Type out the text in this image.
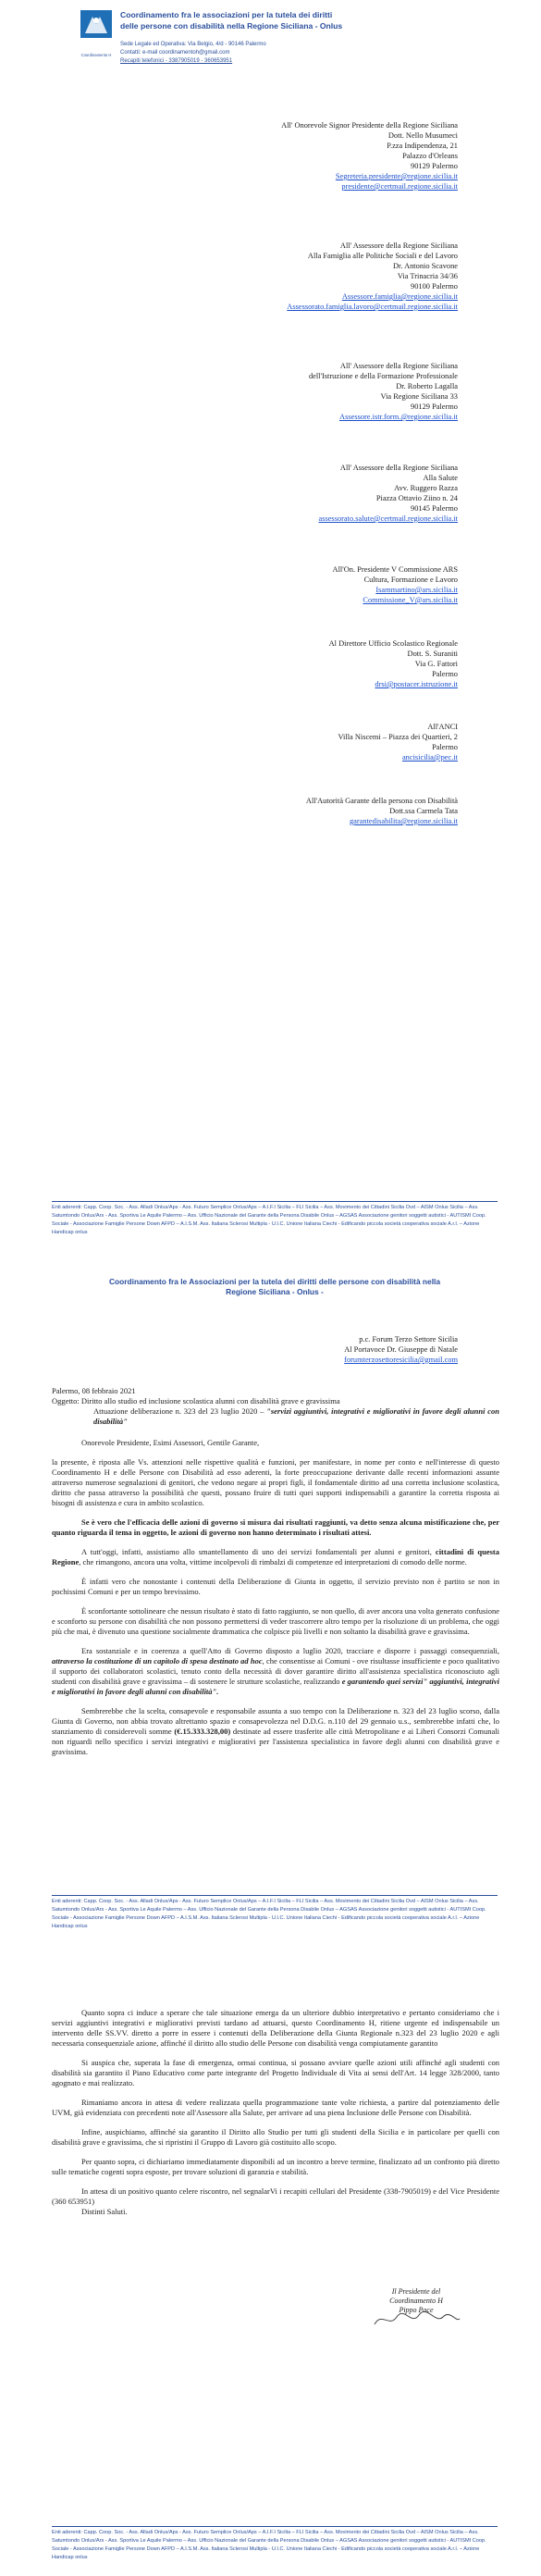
Coordinamento H
Coordinamento fra le associazioni per la tutela dei diritti
delle persone con disabilità nella Regione Siciliana - Onlus
Sede Legale ed Operativa: Via Belgio, 4/d - 90146 Palermo
Contatti: e-mail coordinamentoh@gmail.com
Recapiti telefonici - 3387905019 - 360653951
All' Onorevole Signor Presidente della Regione Siciliana
Dott. Nello Musumeci
P.zza Indipendenza, 21
Palazzo d'Orleans
90129 Palermo
Segreteria.presidente@regione.sicilia.it
presidente@certmail.regione.sicilia.it
All' Assessore della Regione Siciliana
Alla Famiglia alle Politiche Sociali e del Lavoro
Dr. Antonio Scavone
Via Trinacria 34/36
90100 Palermo
Assessore.famiglia@regione.sicilia.it
Assessorato.famiglia.lavoro@certmail.regione.sicilia.it
All' Assessore della Regione Siciliana
dell'Istruzione e della Formazione Professionale
Dr. Roberto Lagalla
Via Regione Siciliana 33
90129 Palermo
Assessore.istr.form.@regione.sicilia.it
All' Assessore della Regione Siciliana
Alla Salute
Avv. Ruggero Razza
Piazza Ottavio Ziino n. 24
90145 Palermo
assessorato.salute@certmail.regione.sicilia.it
All'On. Presidente V Commissione ARS
Cultura, Formazione e Lavoro
Isammartino@ars.sicilia.it
Commissione_V@ars.sicilia.it
Al Direttore Ufficio Scolastico Regionale
Dott. S. Suraniti
Via G. Fattori
Palermo
drsi@postacer.istruzione.it
All'ANCI
Villa Niscemi – Piazza dei Quartieri, 2
Palermo
ancisicilia@pec.it
All'Autorità Garante della persona con Disabilità
Dott.ssa Carmela Tata
garantedisabilita@regione.sicilia.it
Enti aderenti: Capp. Coop. Soc. - Ass. Alladi Onlus/Aps - Ass. Futuro Semplice Onlus/Aps – A.I.F.I Sicilia – FLI Sicilia – Ass. Movimento dei Cittadini Sicilia Ovd – AISM Onlus Sicilia – Ass. Satumtondo Onlus/Ars - Ass. Sportiva Le Aquile Palermo – Ass. Ufficio Nazionale del Garante della Persona Disabile Onlus – AGSAS Associazione genitori soggetti autistici - AUTISMI Coop. Sociale - Associazione Famiglie Persone Down AFPD – A.I.S.M. Ass. Italiana Sclerosi Multipla - U.I.C. Unione Italiana Ciechi - Edificando piccola società cooperativa sociale A.r.l. – Azione Handicap onlus
Coordinamento fra le Associazioni per la tutela dei diritti delle persone con disabilità nella
Regione Siciliana - Onlus -
p.c. Forum Terzo Settore Sicilia
Al Portavoce Dr. Giuseppe di Natale
forumterzosettoresicilia@gmail.com

Palermo, 08 febbraio 2021

Oggetto: Diritto allo studio ed inclusione scolastica alunni con disabilità grave e gravissima

Attuazione deliberazione n. 323 del 23 luglio 2020 – "servizi aggiuntivi, integrativi e migliorativi in favore degli alunni con disabilità"

Onorevole Presidente, Esimi Assessori, Gentile Garante,

la presente, è riposta alle Vs. attenzioni nelle rispettive qualità e funzioni, per manifestare, in nome per conto e nell'interesse di questo Coordinamento H e delle Persone con Disabilità ad esso aderenti, la forte preoccupazione derivante dalle recenti informazioni assunte attraverso numerose segnalazioni di genitori, che vedono negare ai propri figli, il fondamentale diritto ad una corretta inclusione scolastica, diritto che passa attraverso la possibilità che questi, possano fruire di tutti quei supporti indispensabili a garantire la corretta risposta ai bisogni di assistenza e cura in ambito scolastico.

Se è vero che l'efficacia delle azioni di governo si misura dai risultati raggiunti, va detto senza alcuna mistificazione che, per quanto riguarda il tema in oggetto, le azioni di governo non hanno determinato i risultati attesi.

A tutt'oggi, infatti, assistiamo allo smantellamento di uno dei servizi fondamentali per alunni e genitori, cittadini di questa Regione, che rimangono, ancora una volta, vittime incolpevoli di rimbalzi di competenze ed interpretazioni di comodo delle norme.

È infatti vero che nonostante i contenuti della Deliberazione di Giunta in oggetto, il servizio previsto non è partito se non in pochissimi Comuni e per un tempo brevissimo.

È sconfortante sottolineare che nessun risultato è stato di fatto raggiunto, se non quello, di aver ancora una volta generato confusione e sconforto su persone con disabilità che non possono permettersi di veder trascorrere altro tempo per la risoluzione di un problema, che oggi più che mai, è divenuto una questione socialmente drammatica che colpisce più livelli e non soltanto la disabilità grave e gravissima.

Era sostanziale e in coerenza a quell'Atto di Governo disposto a luglio 2020, tracciare e disporre i passaggi consequenziali, attraverso la costituzione di un capitolo di spesa destinato ad hoc, che consentisse ai Comuni - ove risultasse insufficiente e poco qualitativo il supporto dei collaboratori scolastici, tenuto conto della necessità di dover garantire diritto all'assistenza specialistica riconosciuto agli studenti con disabilità grave e gravissima – di sostenere le strutture scolastiche, realizzando e garantendo quei servizi" aggiuntivi, integrativi e migliorativi in favore degli alunni con disabilità".

Sembrerebbe che la scelta, consapevole e responsabile assunta a suo tempo con la Deliberazione n. 323 del 23 luglio scorso, dalla Giunta di Governo, non abbia trovato altrettanto spazio e consapevolezza nel D.D.G. n.110 del 29 gennaio u.s., sembrerebbe infatti che, lo stanziamento di considerevoli somme (€.15.333.328,00) destinate ad essere trasferite alle città Metropolitane e ai Liberi Consorzi Comunali non riguardi nello specifico i servizi integrativi e migliorativi per l'assistenza specialistica in favore degli alunni con disabilità grave e gravissima.

Enti aderenti: Capp. Coop. Soc. - Ass. Alladi Onlus/Aps - Ass. Futuro Semplice Onlus/Aps – A.I.F.I Sicilia – FLI Sicilia – Ass. Movimento dei Cittadini Sicilia Ovd – AISM Onlus Sicilia – Ass. Satumtondo Onlus/Ars - Ass. Sportiva Le Aquile Palermo – Ass. Ufficio Nazionale del Garante della Persona Disabile Onlus – AGSAS Associazione genitori soggetti autistici - AUTISMI Coop. Sociale - Associazione Famiglie Persone Down AFPD – A.I.S.M. Ass. Italiana Sclerosi Multipla - U.I.C. Unione Italiana Ciechi - Edificando piccola società cooperativa sociale A.r.l. – Azione Handicap onlus

Quanto sopra ci induce a sperare che tale situazione emerga da un ulteriore dubbio interpretativo e pertanto consideriamo che i servizi aggiuntivi integrativi e migliorativi previsti tardano ad attuarsi, questo Coordinamento H, ritiene urgente ed indispensabile un intervento delle SS.VV. diretto a porre in essere i contenuti della Deliberazione della Giunta Regionale n.323 del 23 luglio 2020 e agli necessaria consequenziale azione, affinché il diritto allo studio delle Persone con disabilità venga compiutamente garantito

Si auspica che, superata la fase di emergenza, ormai continua, si possano avviare quelle azioni utili affinché agli studenti con disabilità sia garantito il Piano Educativo come parte integrante del Progetto Individuale di Vita ai sensi dell'Art. 14 legge 328/2000, tanto agognato e mai realizzato.

Rimaniamo ancora in attesa di vedere realizzata quella programmazione tante volte richiesta, a partire dal potenziamento delle UVM, già evidenziata con precedenti note all'Assessore alla Salute, per arrivare ad una piena Inclusione delle Persone con Disabilità.

Infine, auspichiamo, affinché sia garantito il Diritto allo Studio per tutti gli studenti della Sicilia e in particolare per quelli con disabilità grave e gravissima, che si ripristini il Gruppo di Lavoro già costituito allo scopo.

Per quanto sopra, ci dichiariamo immediatamente disponibili ad un incontro a breve termine, finalizzato ad un confronto più diretto sulle tematiche cogenti sopra esposte, per trovare soluzioni di garanzia e stabilità.

In attesa di un positivo quanto celere riscontro, nel segnalarVi i recapiti cellulari del Presidente (338-7905019) e del Vice Presidente (360 653951)

Distinti Saluti.

Il Presidente del
Coordinamento H
Pippo Pace
Enti aderenti: Capp. Coop. Soc. - Ass. Alladi Onlus/Aps - Ass. Futuro Semplice Onlus/Aps – A.I.F.I Sicilia – FLI Sicilia – Ass. Movimento dei Cittadini Sicilia Ovd – AISM Onlus Sicilia – Ass. Satumtondo Onlus/Ars - Ass. Sportiva Le Aquile Palermo – Ass. Ufficio Nazionale del Garante della Persona Disabile Onlus – AGSAS Associazione genitori soggetti autistici - AUTISMI Coop. Sociale - Associazione Famiglie Persone Down AFPD – A.I.S.M. Ass. Italiana Sclerosi Multipla - U.I.C. Unione Italiana Ciechi - Edificando piccola società cooperativa sociale A.r.l. – Azione Handicap onlus
